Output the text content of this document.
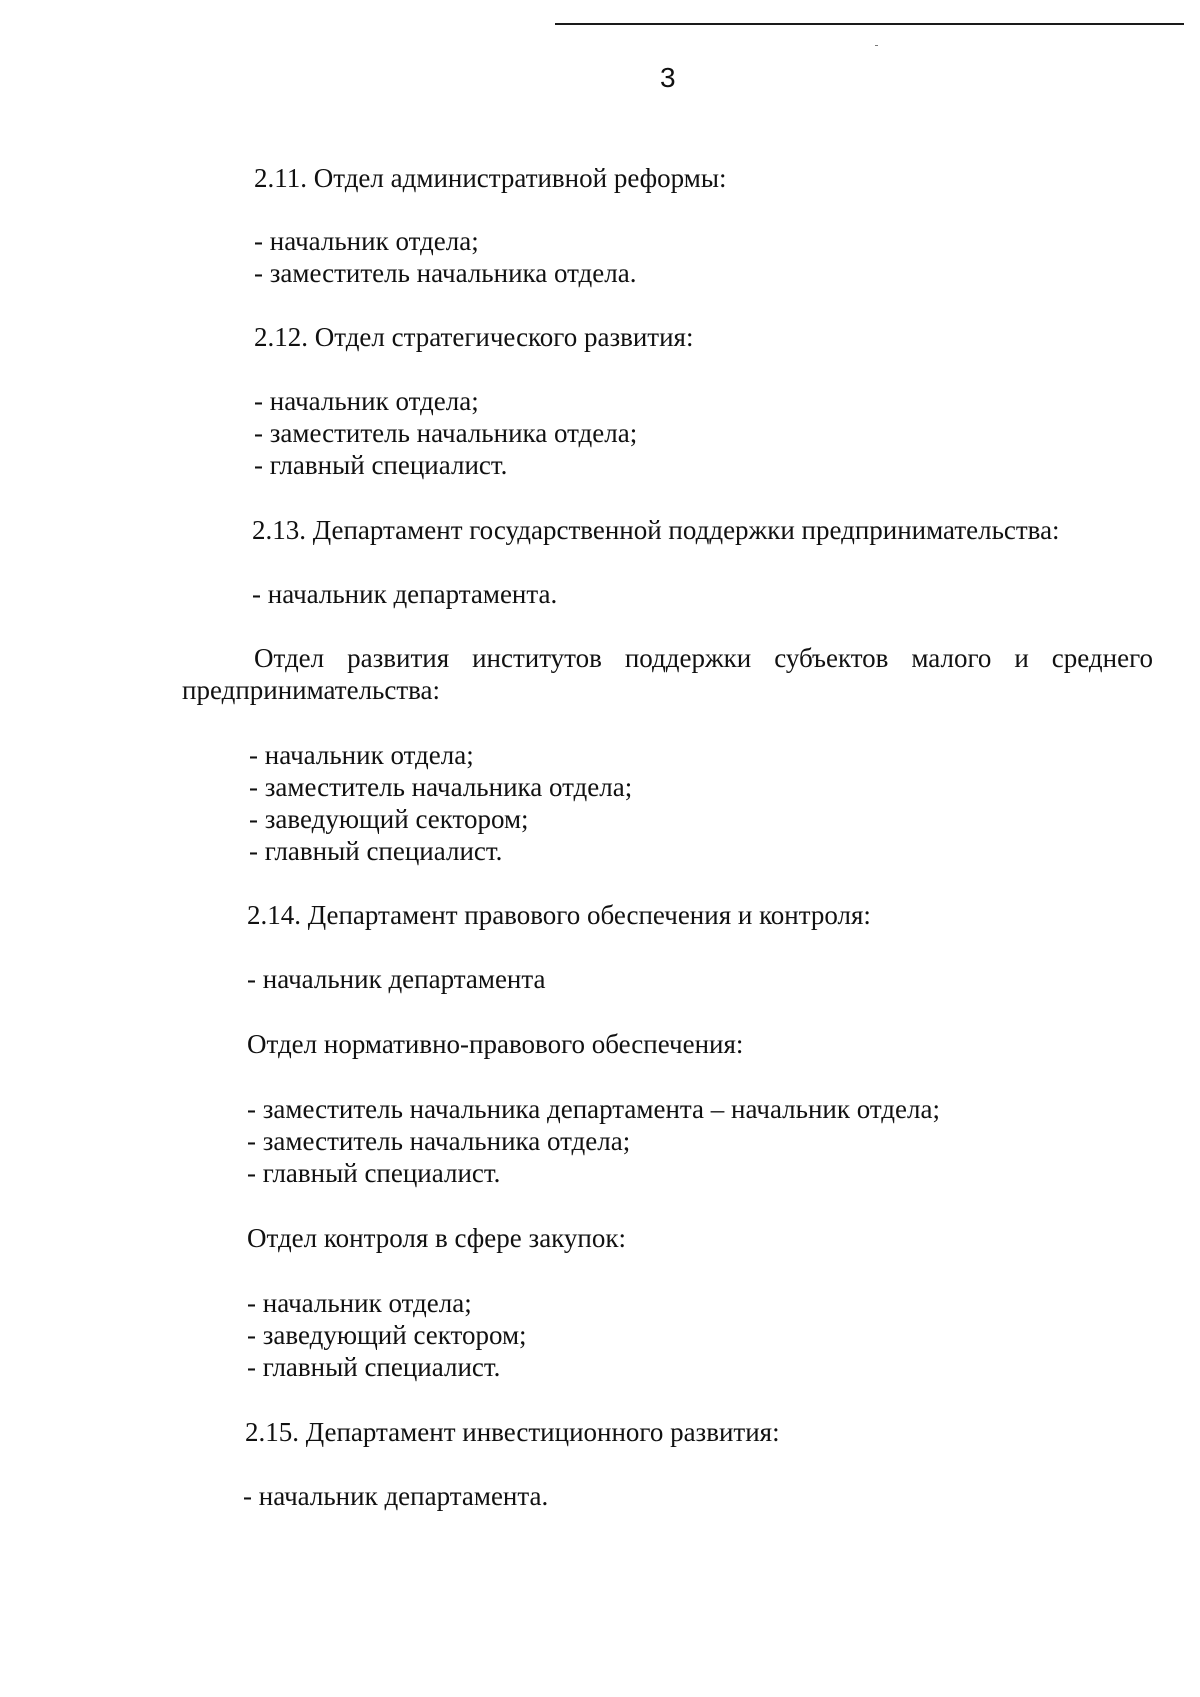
3
2.11. Отдел административной реформы:
- начальник отдела;
- заместитель начальника отдела.
2.12. Отдел стратегического развития:
- начальник отдела;
- заместитель начальника отдела;
- главный специалист.
2.13. Департамент государственной поддержки предпринимательства:
- начальник департамента.

Отдел развития институтов поддержки субъектов малого и среднего предпринимательства:

- начальник отдела;
- заместитель начальника отдела;
- заведующий сектором;
- главный специалист.
2.14. Департамент правового обеспечения и контроля:
- начальник департамента
Отдел нормативно-правового обеспечения:
- заместитель начальника департамента – начальник отдела;
- заместитель начальника отдела;
- главный специалист.
Отдел контроля в сфере закупок:
- начальник отдела;
- заведующий сектором;
- главный специалист.
2.15. Департамент инвестиционного развития:
- начальник департамента.
